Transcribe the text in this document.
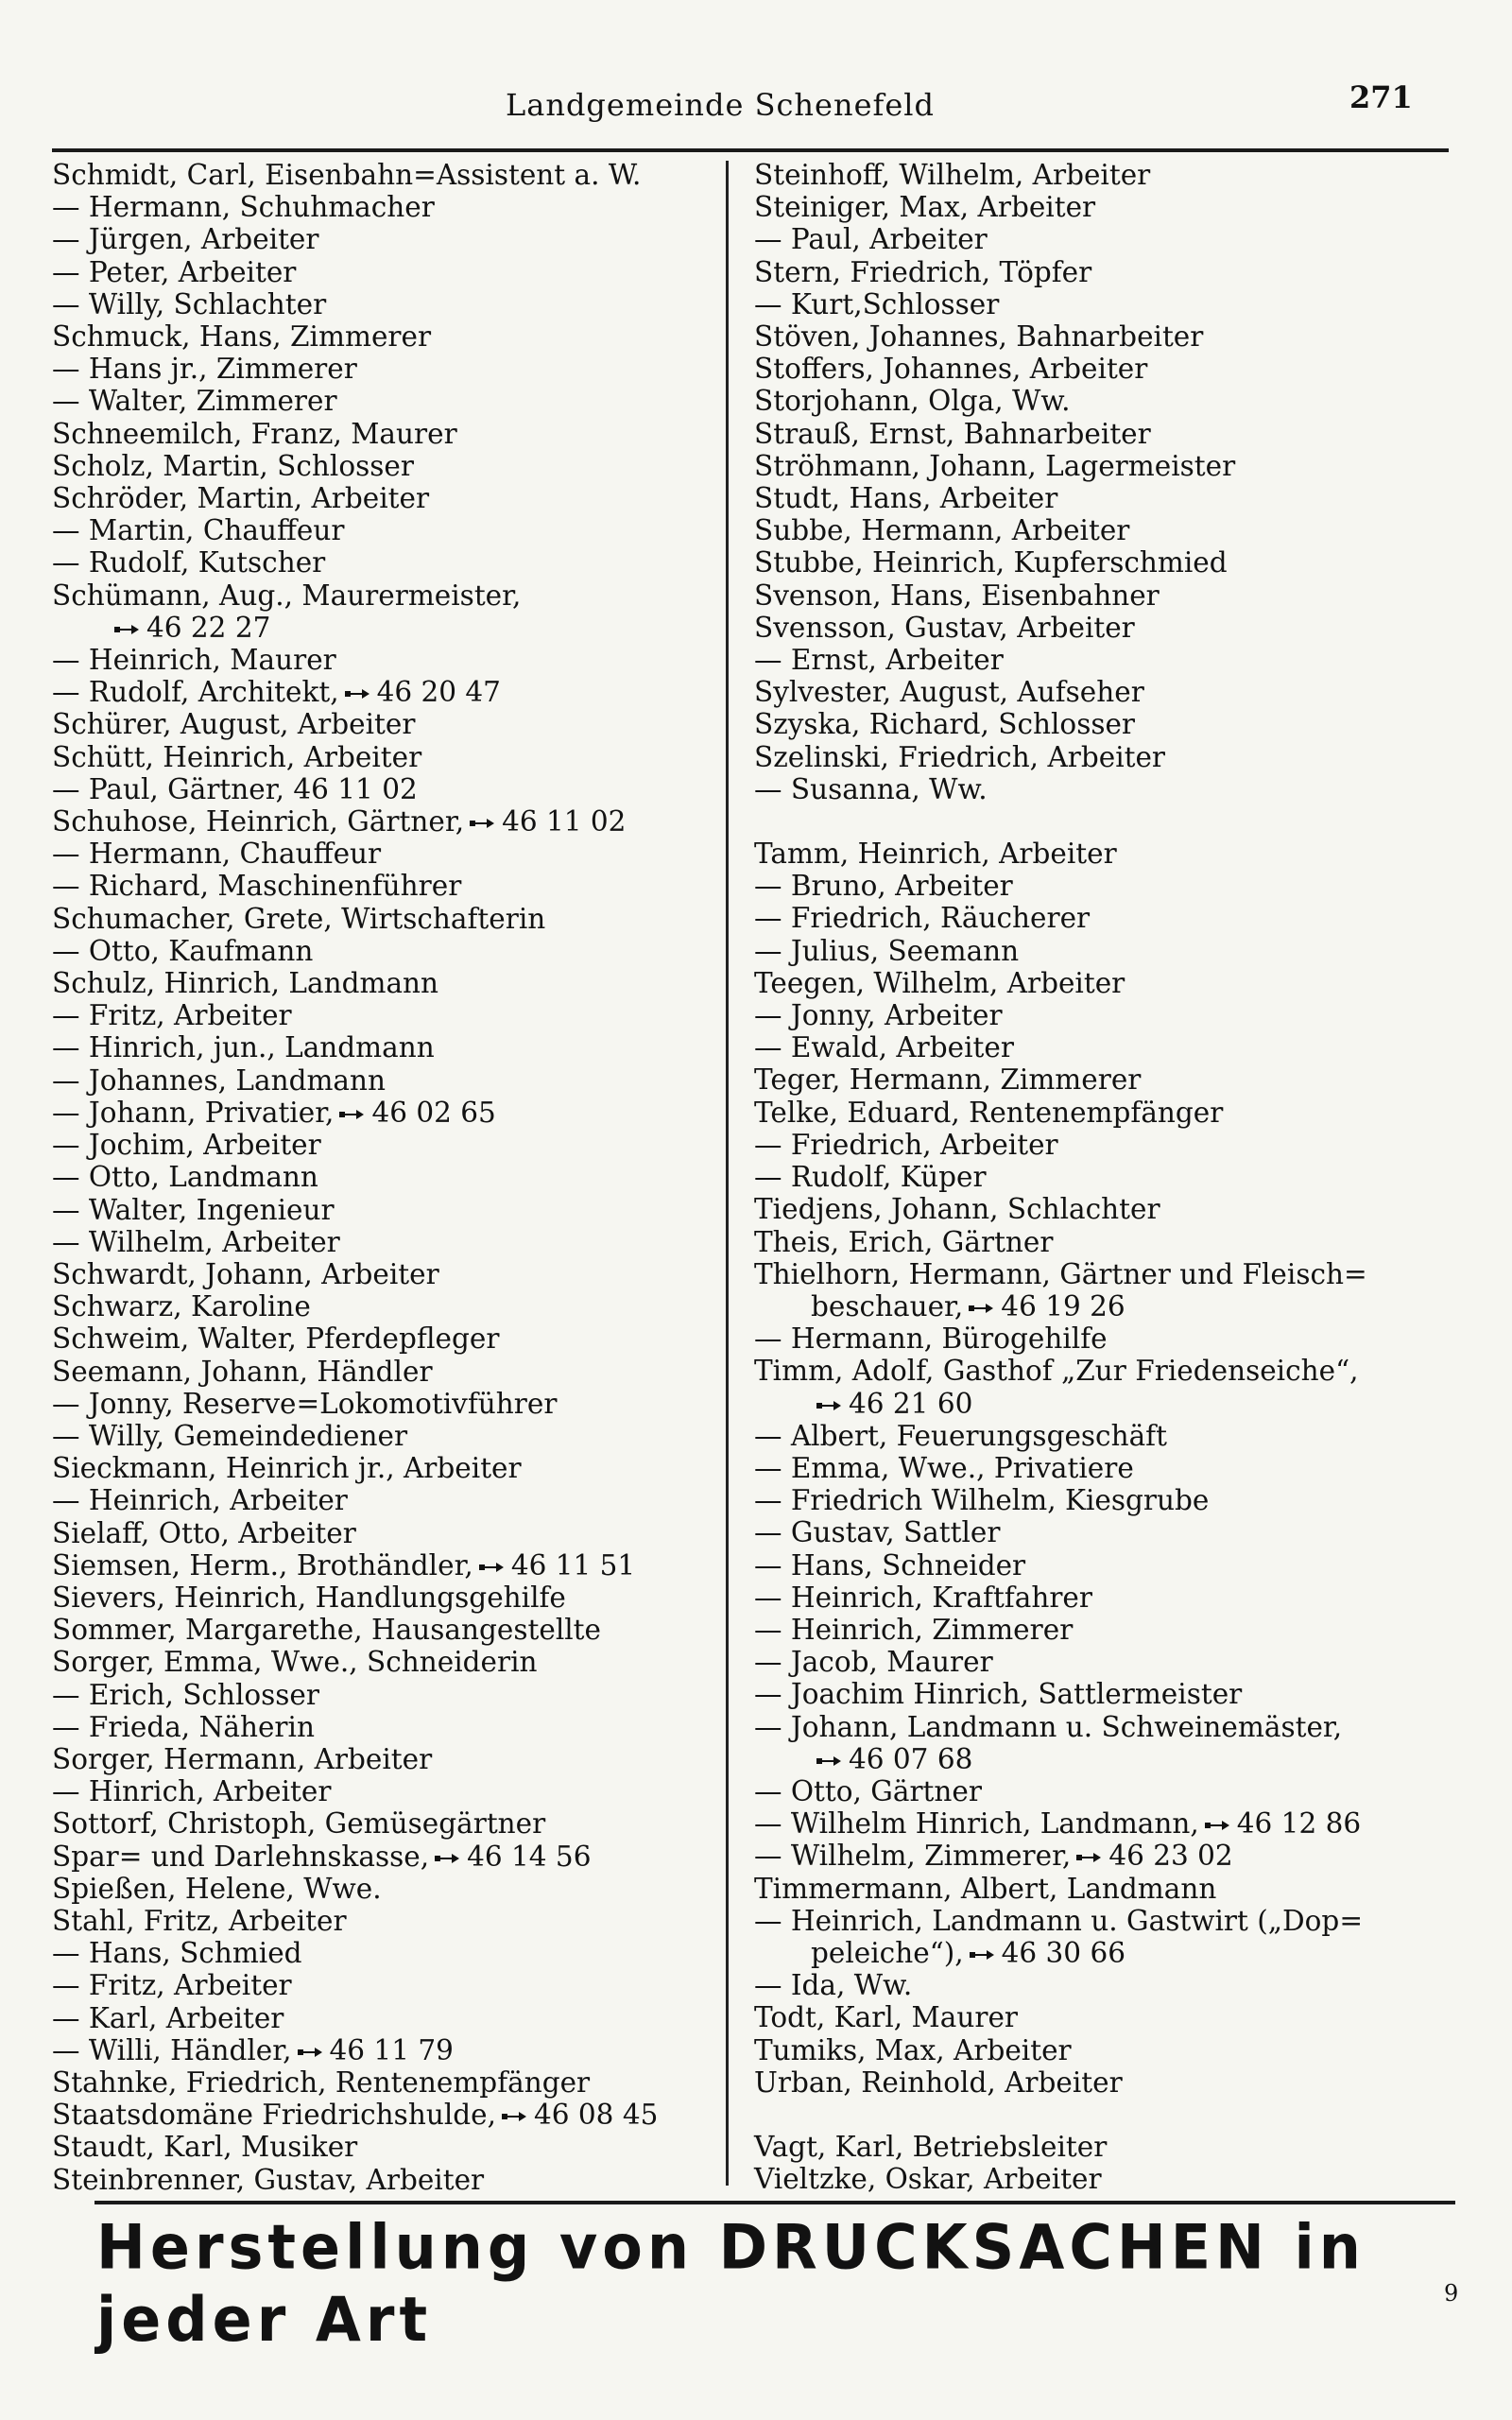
Landgemeinde Schenefeld	271
Schmidt, Carl, Eisenbahn=Assistent a. W.
— Hermann, Schuhmacher
— Jürgen, Arbeiter
— Peter, Arbeiter
— Willy, Schlachter
Schmuck, Hans, Zimmerer
— Hans jr., Zimmerer
— Walter, Zimmerer
Schneemilch, Franz, Maurer
Scholz, Martin, Schlosser
Schröder, Martin, Arbeiter
— Martin, Chauffeur
— Rudolf, Kutscher
Schümann, Aug., Maurermeister,
46 22 27
— Heinrich, Maurer
— Rudolf, Architekt, 46 20 47
Schürer, August, Arbeiter
Schütt, Heinrich, Arbeiter
— Paul, Gärtner, 46 11 02
Schuhose, Heinrich, Gärtner, 46 11 02
— Hermann, Chauffeur
— Richard, Maschinenführer
Schumacher, Grete, Wirtschafterin
— Otto, Kaufmann
Schulz, Hinrich, Landmann
— Fritz, Arbeiter
— Hinrich, jun., Landmann
— Johannes, Landmann
— Johann, Privatier, 46 02 65
— Jochim, Arbeiter
— Otto, Landmann
— Walter, Ingenieur
— Wilhelm, Arbeiter
Schwardt, Johann, Arbeiter
Schwarz, Karoline
Schweim, Walter, Pferdepfleger
Seemann, Johann, Händler
— Jonny, Reserve=Lokomotivführer
— Willy, Gemeindediener
Sieckmann, Heinrich jr., Arbeiter
— Heinrich, Arbeiter
Sielaff, Otto, Arbeiter
Siemsen, Herm., Brothändler, 46 11 51
Sievers, Heinrich, Handlungsgehilfe
Sommer, Margarethe, Hausangestellte
Sorger, Emma, Wwe., Schneiderin
— Erich, Schlosser
— Frieda, Näherin
Sorger, Hermann, Arbeiter
— Hinrich, Arbeiter
Sottorf, Christoph, Gemüsegärtner
Spar= und Darlehnskasse, 46 14 56
Spießen, Helene, Wwe.
Stahl, Fritz, Arbeiter
— Hans, Schmied
— Fritz, Arbeiter
— Karl, Arbeiter
— Willi, Händler, 46 11 79
Stahnke, Friedrich, Rentenempfänger
Staatsdomäne Friedrichshulde, 46 08 45
Staudt, Karl, Musiker
Steinbrenner, Gustav, Arbeiter
Steinhoff, Wilhelm, Arbeiter
Steiniger, Max, Arbeiter
— Paul, Arbeiter
Stern, Friedrich, Töpfer
— Kurt,Schlosser
Stöven, Johannes, Bahnarbeiter
Stoffers, Johannes, Arbeiter
Storjohann, Olga, Ww.
Strauß, Ernst, Bahnarbeiter
Ströhmann, Johann, Lagermeister
Studt, Hans, Arbeiter
Subbe, Hermann, Arbeiter
Stubbe, Heinrich, Kupferschmied
Svenson, Hans, Eisenbahner
Svensson, Gustav, Arbeiter
— Ernst, Arbeiter
Sylvester, August, Aufseher
Szyska, Richard, Schlosser
Szelinski, Friedrich, Arbeiter
— Susanna, Ww.
Tamm, Heinrich, Arbeiter
— Bruno, Arbeiter
— Friedrich, Räucherer
— Julius, Seemann
Teegen, Wilhelm, Arbeiter
— Jonny, Arbeiter
— Ewald, Arbeiter
Teger, Hermann, Zimmerer
Telke, Eduard, Rentenempfänger
— Friedrich, Arbeiter
— Rudolf, Küper
Tiedjens, Johann, Schlachter
Theis, Erich, Gärtner
Thielhorn, Hermann, Gärtner und Fleisch=
beschauer, 46 19 26
— Hermann, Bürogehilfe
Timm, Adolf, Gasthof „Zur Friedenseiche“,
46 21 60
— Albert, Feuerungsgeschäft
— Emma, Wwe., Privatiere
— Friedrich Wilhelm, Kiesgrube
— Gustav, Sattler
— Hans, Schneider
— Heinrich, Kraftfahrer
— Heinrich, Zimmerer
— Jacob, Maurer
— Joachim Hinrich, Sattlermeister
— Johann, Landmann u. Schweinemäster,
46 07 68
— Otto, Gärtner
— Wilhelm Hinrich, Landmann, 46 12 86
— Wilhelm, Zimmerer, 46 23 02
Timmermann, Albert, Landmann
— Heinrich, Landmann u. Gastwirt („Dop=
peleiche“), 46 30 66
— Ida, Ww.
Todt, Karl, Maurer
Tumiks, Max, Arbeiter
Urban, Reinhold, Arbeiter
Vagt, Karl, Betriebsleiter
Vieltzke, Oskar, Arbeiter
Herstellung von DRUCKSACHEN in jeder Art	9
